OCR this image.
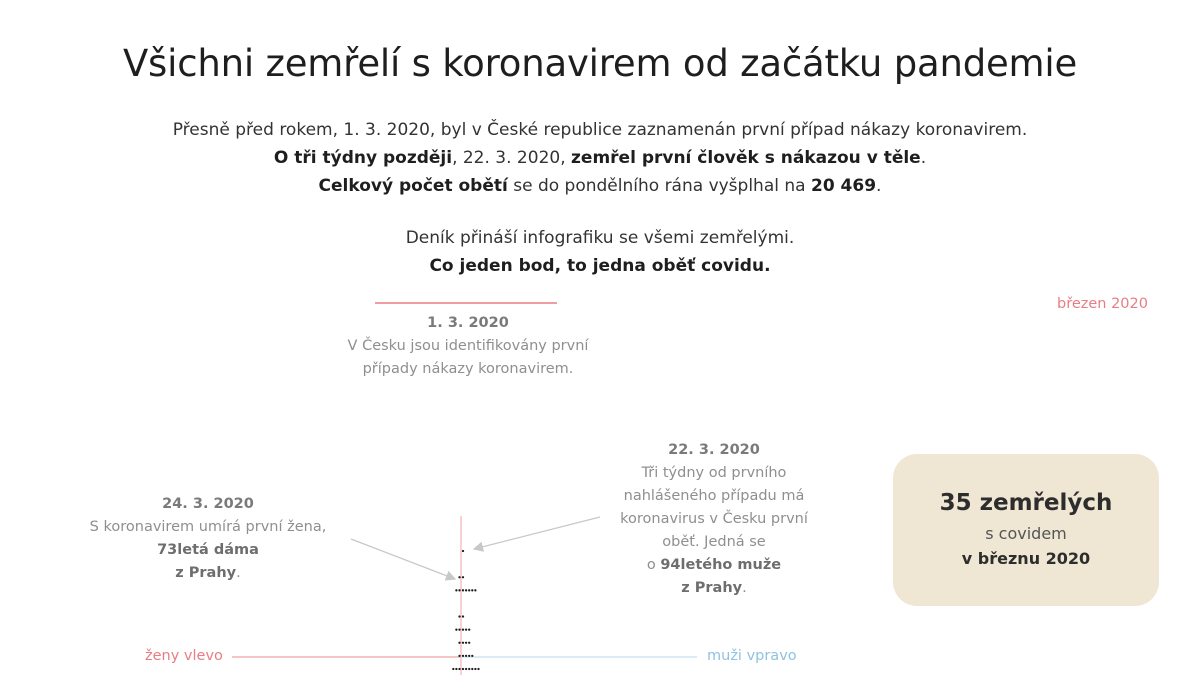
Všichni zemřelí s koronavirem od začátku pandemie
Přesně před rokem, 1. 3. 2020, byl v České republice zaznamenán první případ nákazy koronavirem.
O tři týdny později, 22. 3. 2020, zemřel první člověk s nákazou v těle.
Celkový počet obětí se do pondělního rána vyšplhal na 20 469.
Deník přináší infografiku se všemi zemřelými.
Co jeden bod, to jedna oběť covidu.
březen 2020
1. 3. 2020
V Česku jsou identifikovány první
případy nákazy koronavirem.
24. 3. 2020
S koronavirem umírá první žena,
73letá dáma
z Prahy.
22. 3. 2020
Tři týdny od prvního
nahlášeného případu má
koronavirus v Česku první
oběť. Jedná se
o 94letého muže
z Prahy.
35 zemřelých
s covidem
v březnu 2020
ženy vlevo	muži vpravo
